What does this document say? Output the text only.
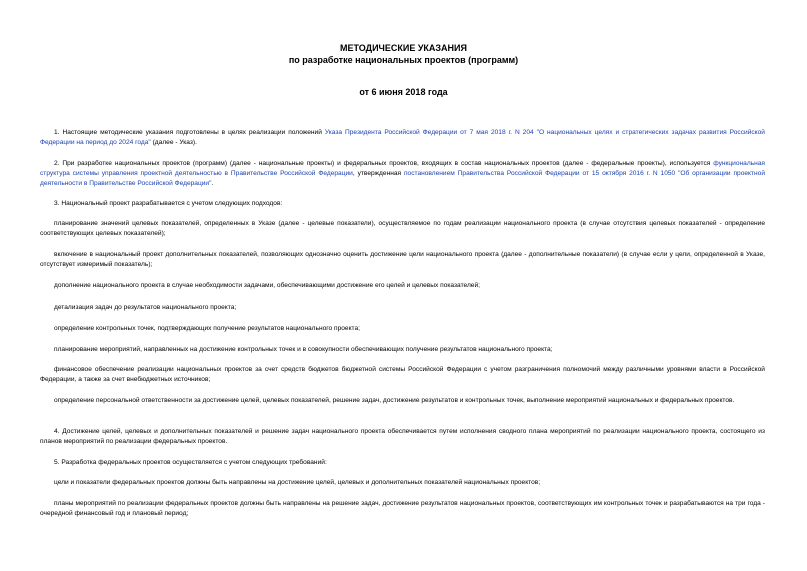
МЕТОДИЧЕСКИЕ УКАЗАНИЯ
по разработке национальных проектов (программ)
от 6 июня 2018 года

1. Настоящие методические указания подготовлены в целях реализации положений Указа Президента Российской Федерации от 7 мая 2018 г. N 204 "О национальных целях и стратегических задачах развития Российской Федерации на период до 2024 года" (далее - Указ).

2. При разработке национальных проектов (программ) (далее - национальные проекты) и федеральных проектов, входящих в состав национальных проектов (далее - федеральные проекты), используется функциональная структура системы управления проектной деятельностью в Правительстве Российской Федерации, утвержденная постановлением Правительства Российской Федерации от 15 октября 2016 г. N 1050 "Об организации проектной деятельности в Правительстве Российской Федерации".

3. Национальный проект разрабатывается с учетом следующих подходов:

планирование значений целевых показателей, определенных в Указе (далее - целевые показатели), осуществляемое по годам реализации национального проекта (в случае отсутствия целевых показателей - определение соответствующих целевых показателей);

включение в национальный проект дополнительных показателей, позволяющих однозначно оценить достижение цели национального проекта (далее - дополнительные показатели) (в случае если у цели, определенной в Указе, отсутствует измеримый показатель);

дополнение национального проекта в случае необходимости задачами, обеспечивающими достижение его целей и целевых показателей;

детализация задач до результатов национального проекта;

определение контрольных точек, подтверждающих получение результатов национального проекта;

планирование мероприятий, направленных на достижение контрольных точек и в совокупности обеспечивающих получение результатов национального проекта;

финансовое обеспечение реализации национальных проектов за счет средств бюджетов бюджетной системы Российской Федерации с учетом разграничения полномочий между различными уровнями власти в Российской Федерации, а также за счет внебюджетных источников;

определение персональной ответственности за достижение целей, целевых показателей, решение задач, достижение результатов и контрольных точек, выполнение мероприятий национальных и федеральных проектов.

4. Достижение целей, целевых и дополнительных показателей и решение задач национального проекта обеспечивается путем исполнения сводного плана мероприятий по реализации национального проекта, состоящего из планов мероприятий по реализации федеральных проектов.

5. Разработка федеральных проектов осуществляется с учетом следующих требований:

цели и показатели федеральных проектов должны быть направлены на достижение целей, целевых и дополнительных показателей национальных проектов;

планы мероприятий по реализации федеральных проектов должны быть направлены на решение задач, достижение результатов национальных проектов, соответствующих им контрольных точек и разрабатываются на три года - очередной финансовый год и плановый период;
